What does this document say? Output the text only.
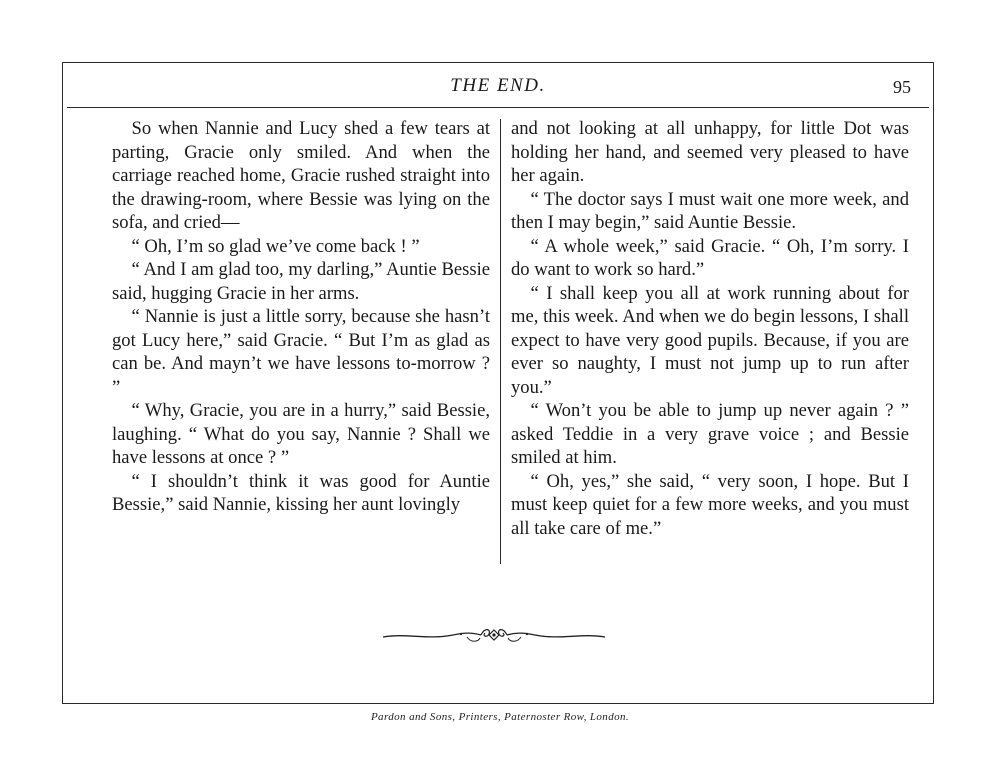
THE END.	95

So when Nannie and Lucy shed a few tears at parting, Gracie only smiled. And when the carriage reached home, Gracie rushed straight into the drawing-room, where Bessie was lying on the sofa, and cried—

“ Oh, I’m so glad we’ve come back ! ”

“ And I am glad too, my darling,” Auntie Bessie said, hugging Gracie in her arms.

“ Nannie is just a little sorry, because she hasn’t got Lucy here,” said Gracie. “ But I’m as glad as can be. And mayn’t we have lessons to-morrow ? ”

“ Why, Gracie, you are in a hurry,” said Bessie, laughing. “ What do you say, Nannie ? Shall we have lessons at once ? ”

“ I shouldn’t think it was good for Auntie Bessie,” said Nannie, kissing her aunt lovingly

and not looking at all unhappy, for little Dot was holding her hand, and seemed very pleased to have her again.

“ The doctor says I must wait one more week, and then I may begin,” said Auntie Bessie.

“ A whole week,” said Gracie. “ Oh, I’m sorry. I do want to work so hard.”

“ I shall keep you all at work running about for me, this week. And when we do begin lessons, I shall expect to have very good pupils. Because, if you are ever so naughty, I must not jump up to run after you.”

“ Won’t you be able to jump up never again ? ” asked Teddie in a very grave voice ; and Bessie smiled at him.

“ Oh, yes,” she said, “ very soon, I hope. But I must keep quiet for a few more weeks, and you must all take care of me.”

Pardon and Sons, Printers, Paternoster Row, London.
